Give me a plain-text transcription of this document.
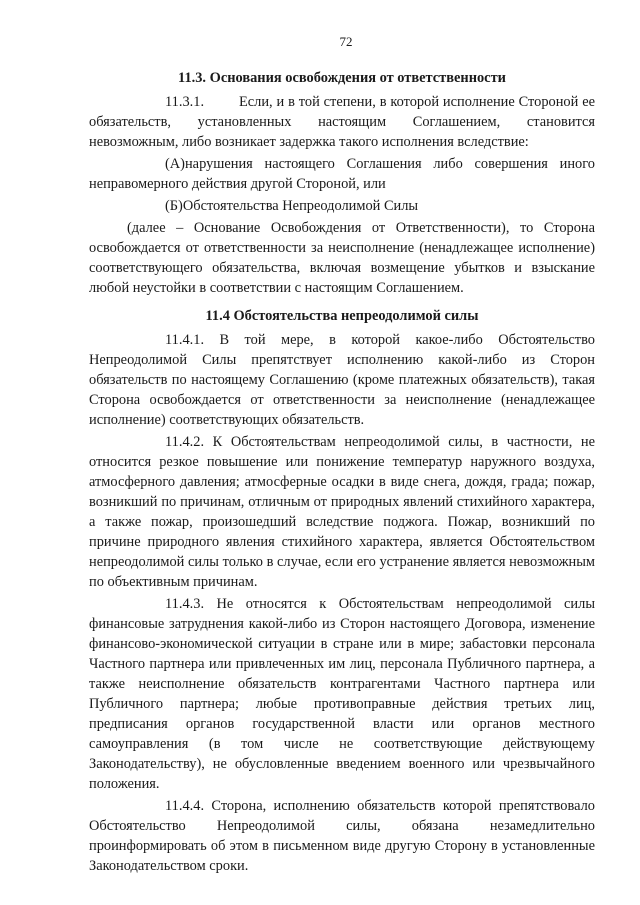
72
11.3. Основания освобождения от ответственности

11.3.1. Если, и в той степени, в которой исполнение Стороной ее обязательств, установленных настоящим Соглашением, становится невозможным, либо возникает задержка такого исполнения вследствие:

(А)нарушения настоящего Соглашения либо совершения иного неправомерного действия другой Стороной, или

(Б)Обстоятельства Непреодолимой Силы

(далее – Основание Освобождения от Ответственности), то Сторона освобождается от ответственности за неисполнение (ненадлежащее исполнение) соответствующего обязательства, включая возмещение убытков и взыскание любой неустойки в соответствии с настоящим Соглашением.

11.4 Обстоятельства непреодолимой силы

11.4.1. В той мере, в которой какое-либо Обстоятельство Непреодолимой Силы препятствует исполнению какой-либо из Сторон обязательств по настоящему Соглашению (кроме платежных обязательств), такая Сторона освобождается от ответственности за неисполнение (ненадлежащее исполнение) соответствующих обязательств.

11.4.2. К Обстоятельствам непреодолимой силы, в частности, не относится резкое повышение или понижение температур наружного воздуха, атмосферного давления; атмосферные осадки в виде снега, дождя, града; пожар, возникший по причинам, отличным от природных явлений стихийного характера, а также пожар, произошедший вследствие поджога. Пожар, возникший по причине природного явления стихийного характера, является Обстоятельством непреодолимой силы только в случае, если его устранение является невозможным по объективным причинам.

11.4.3. Не относятся к Обстоятельствам непреодолимой силы финансовые затруднения какой-либо из Сторон настоящего Договора, изменение финансово-экономической ситуации в стране или в мире; забастовки персонала Частного партнера или привлеченных им лиц, персонала Публичного партнера, а также неисполнение обязательств контрагентами Частного партнера или Публичного партнера; любые противоправные действия третьих лиц, предписания органов государственной власти или органов местного самоуправления (в том числе не соответствующие действующему Законодательству), не обусловленные введением военного или чрезвычайного положения.

11.4.4. Сторона, исполнению обязательств которой препятствовало Обстоятельство Непреодолимой силы, обязана незамедлительно проинформировать об этом в письменном виде другую Сторону в установленные Законодательством сроки.
